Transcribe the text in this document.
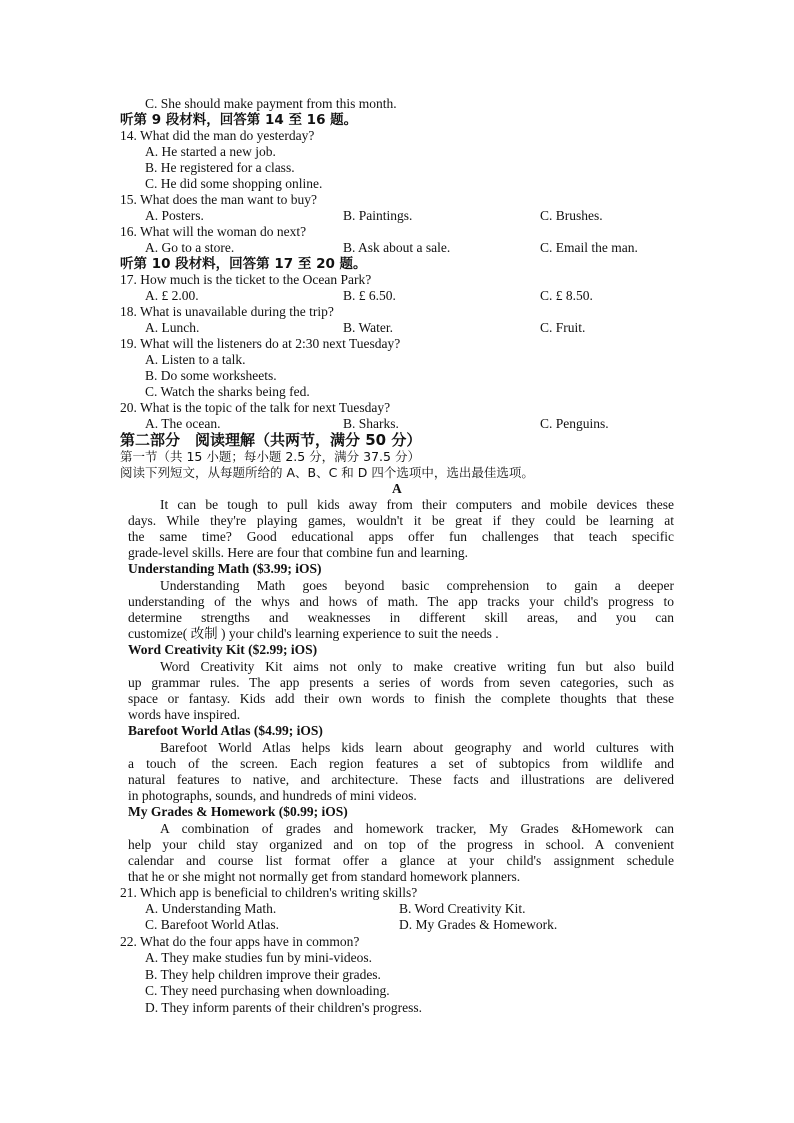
C. She should make payment from this month.
听第 9 段材料，回答第 14 至 16 题。
14. What did the man do yesterday?
A. He started a new job.
B. He registered for a class.
C. He did some shopping online.
15. What does the man want to buy?
A. Posters.	B. Paintings.	C. Brushes.
16. What will the woman do next?
A. Go to a store.	B. Ask about a sale.	C. Email the man.
听第 10 段材料，回答第 17 至 20 题。
17. How much is the ticket to the Ocean Park?
A. £ 2.00.	B. £ 6.50.	C. £ 8.50.
18. What is unavailable during the trip?
A. Lunch.	B. Water.	C. Fruit.
19. What will the listeners do at 2:30 next Tuesday?
A. Listen to a talk.
B. Do some worksheets.
C. Watch the sharks being fed.
20. What is the topic of the talk for next Tuesday?
A. The ocean.	B. Sharks.	C. Penguins.
第二部分　阅读理解（共两节，满分 50 分）
第一节（共 15 小题；每小题 2.5 分，满分 37.5 分）
阅读下列短文，从每题所给的 A、B、C 和 D 四个选项中，选出最佳选项。
A
It can be tough to pull kids away from their computers and mobile devices these
days. While they're playing games, wouldn't it be great if they could be learning at
the same time? Good educational apps offer fun challenges that teach specific
grade-level skills. Here are four that combine fun and learning.
Understanding Math ($3.99; iOS)
Understanding Math goes beyond basic comprehension to gain a deeper
understanding of the whys and hows of math. The app tracks your child's progress to
determine strengths and weaknesses in different skill areas, and you can
customize( 改制 ) your child's learning experience to suit the needs .
Word Creativity Kit ($2.99; iOS)
Word Creativity Kit aims not only to make creative writing fun but also build
up grammar rules. The app presents a series of words from seven categories, such as
space or fantasy. Kids add their own words to finish the complete thoughts that these
words have inspired.
Barefoot World Atlas ($4.99; iOS)
Barefoot World Atlas helps kids learn about geography and world cultures with
a touch of the screen. Each region features a set of subtopics from wildlife and
natural features to native, and architecture. These facts and illustrations are delivered
in photographs, sounds, and hundreds of mini videos.
My Grades & Homework ($0.99; iOS)
A combination of grades and homework tracker, My Grades &Homework can
help your child stay organized and on top of the progress in school. A convenient
calendar and course list format offer a glance at your child's assignment schedule
that he or she might not normally get from standard homework planners.
21. Which app is beneficial to children's writing skills?
A. Understanding Math.	B. Word Creativity Kit.
C. Barefoot World Atlas.	D. My Grades & Homework.
22. What do the four apps have in common?
A. They make studies fun by mini-videos.
B. They help children improve their grades.
C. They need purchasing when downloading.
D. They inform parents of their children's progress.
